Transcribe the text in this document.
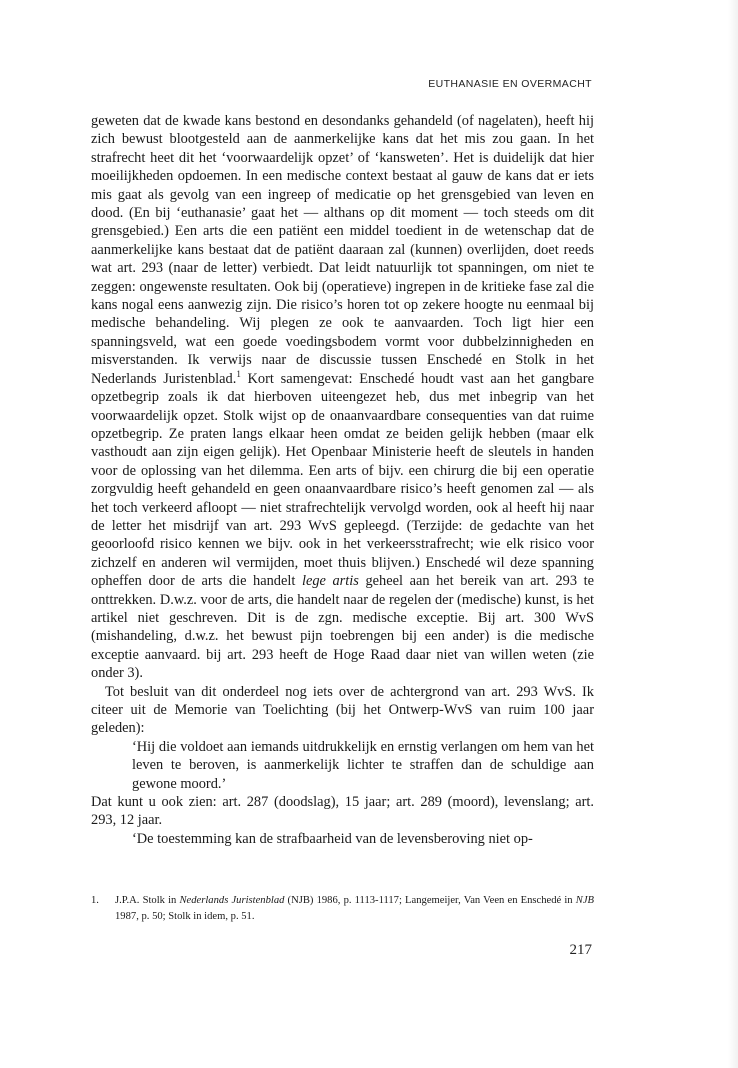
EUTHANASIE EN OVERMACHT

geweten dat de kwade kans bestond en desondanks gehandeld (of nagelaten), heeft hij zich bewust blootgesteld aan de aanmerkelijke kans dat het mis zou gaan. In het strafrecht heet dit het ‘voorwaardelijk opzet’ of ‘kansweten’. Het is duidelijk dat hier moeilijkheden opdoemen. In een medische context bestaat al gauw de kans dat er iets mis gaat als gevolg van een ingreep of medicatie op het grensgebied van leven en dood. (En bij ‘euthanasie’ gaat het — althans op dit moment — toch steeds om dit grensgebied.) Een arts die een patiënt een middel toedient in de wetenschap dat de aanmerkelijke kans bestaat dat de patiënt daaraan zal (kunnen) overlijden, doet reeds wat art. 293 (naar de letter) verbiedt. Dat leidt natuurlijk tot spanningen, om niet te zeggen: ongewenste resultaten. Ook bij (operatieve) ingrepen in de kritieke fase zal die kans nogal eens aanwezig zijn. Die risico’s horen tot op zekere hoogte nu eenmaal bij medische behandeling. Wij plegen ze ook te aanvaarden. Toch ligt hier een spanningsveld, wat een goede voedingsbodem vormt voor dubbelzinnigheden en misverstanden. Ik verwijs naar de discussie tussen Enschedé en Stolk in het Nederlands Juristenblad.$^1$ Kort samengevat: Enschedé houdt vast aan het gangbare opzetbegrip zoals ik dat hierboven uiteengezet heb, dus met inbegrip van het voorwaardelijk opzet. Stolk wijst op de onaanvaardbare consequenties van dat ruime opzetbegrip. Ze praten langs elkaar heen omdat ze beiden gelijk hebben (maar elk vasthoudt aan zijn eigen gelijk). Het Openbaar Ministerie heeft de sleutels in handen voor de oplossing van het dilemma. Een arts of bijv. een chirurg die bij een operatie zorgvuldig heeft gehandeld en geen onaanvaardbare risico’s heeft genomen zal — als het toch verkeerd afloopt — niet strafrechtelijk vervolgd worden, ook al heeft hij naar de letter het misdrijf van art. 293 WvS gepleegd. (Terzijde: de gedachte van het geoorloofd risico kennen we bijv. ook in het verkeersstrafrecht; wie elk risico voor zichzelf en anderen wil vermijden, moet thuis blijven.) Enschedé wil deze spanning opheffen door de arts die handelt lege artis geheel aan het bereik van art. 293 te onttrekken. D.w.z. voor de arts, die handelt naar de regelen der (medische) kunst, is het artikel niet geschreven. Dit is de zgn. medische exceptie. Bij art. 300 WvS (mishandeling, d.w.z. het bewust pijn toebrengen bij een ander) is die medische exceptie aanvaard. bij art. 293 heeft de Hoge Raad daar niet van willen weten (zie onder 3).

Tot besluit van dit onderdeel nog iets over de achtergrond van art. 293 WvS. Ik citeer uit de Memorie van Toelichting (bij het Ontwerp-WvS van ruim 100 jaar geleden):

‘Hij die voldoet aan iemands uitdrukkelijk en ernstig verlangen om hem van het leven te beroven, is aanmerkelijk lichter te straffen dan de schuldige aan gewone moord.’

Dat kunt u ook zien: art. 287 (doodslag), 15 jaar; art. 289 (moord), levenslang; art. 293, 12 jaar.

‘De toestemming kan de strafbaarheid van de levensberoving niet op-

1.	J.P.A. Stolk in Nederlands Juristenblad (NJB) 1986, p. 1113-1117; Langemeijer, Van Veen en Enschedé in NJB 1987, p. 50; Stolk in idem, p. 51.
217
